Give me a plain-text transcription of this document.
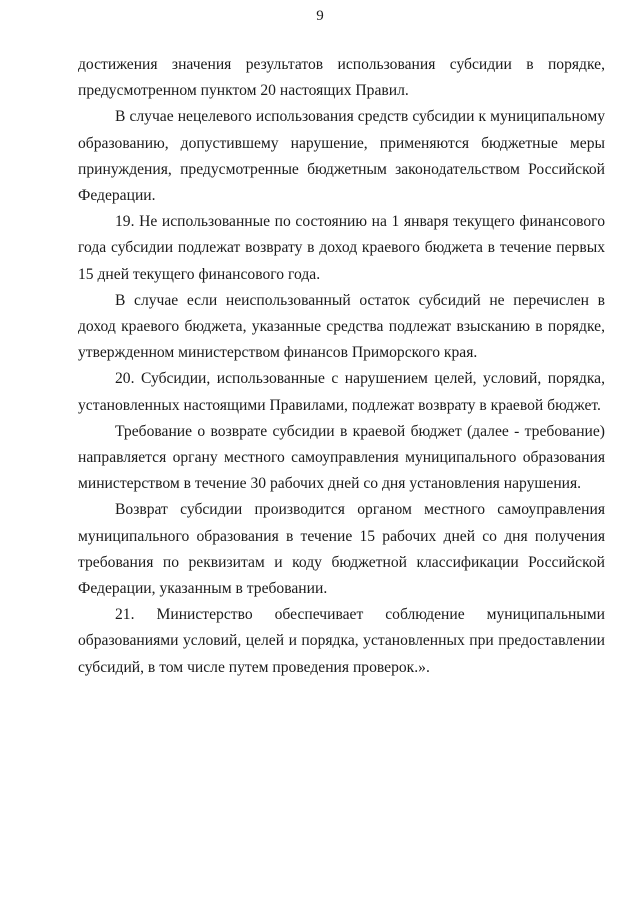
9

достижения значения результатов использования субсидии в порядке, предусмотренном пунктом 20 настоящих Правил.

В случае нецелевого использования средств субсидии к муниципальному образованию, допустившему нарушение, применяются бюджетные меры принуждения, предусмотренные бюджетным законодательством Российской Федерации.

19. Не использованные по состоянию на 1 января текущего финансового года субсидии подлежат возврату в доход краевого бюджета в течение первых 15 дней текущего финансового года.

В случае если неиспользованный остаток субсидий не перечислен в доход краевого бюджета, указанные средства подлежат взысканию в порядке, утвержденном министерством финансов Приморского края.

20. Субсидии, использованные с нарушением целей, условий, порядка, установленных настоящими Правилами, подлежат возврату в краевой бюджет.

Требование о возврате субсидии в краевой бюджет (далее - требование) направляется органу местного самоуправления муниципального образования министерством в течение 30 рабочих дней со дня установления нарушения.

Возврат субсидии производится органом местного самоуправления муниципального образования в течение 15 рабочих дней со дня получения требования по реквизитам и коду бюджетной классификации Российской Федерации, указанным в требовании.

21. Министерство обеспечивает соблюдение муниципальными образованиями условий, целей и порядка, установленных при предоставлении субсидий, в том числе путем проведения проверок.».
